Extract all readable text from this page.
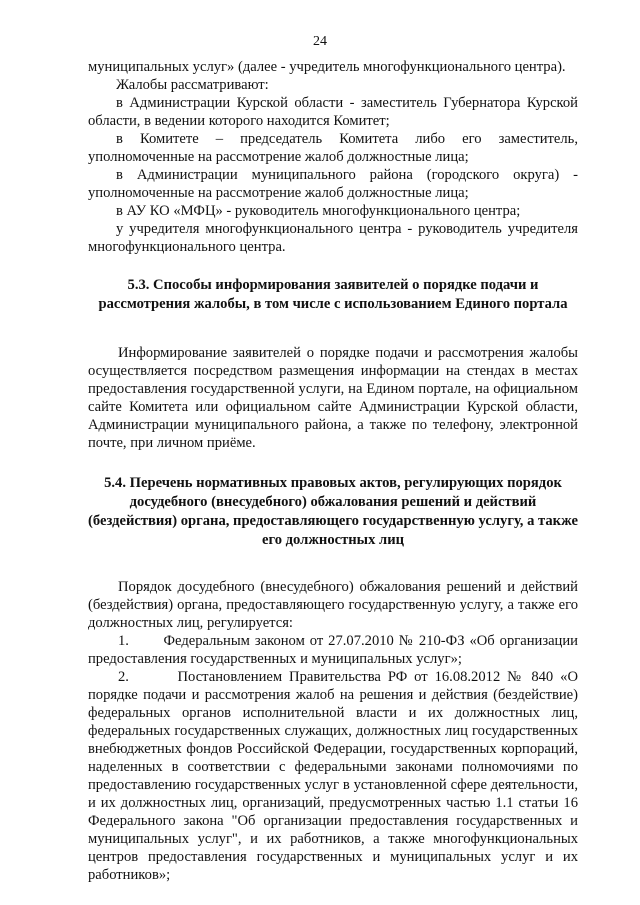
24

муниципальных услуг» (далее - учредитель многофункционального центра).

Жалобы рассматривают:

в Администрации Курской области - заместитель Губернатора Курской области, в ведении которого находится Комитет;

в Комитете – председатель Комитета либо его заместитель, уполномоченные на рассмотрение жалоб должностные лица;

в Администрации муниципального района (городского округа) - уполномоченные на рассмотрение жалоб должностные лица;

в АУ КО «МФЦ» - руководитель многофункционального центра;

у учредителя многофункционального центра - руководитель учредителя многофункционального центра.

5.3. Способы информирования заявителей о порядке подачи и рассмотрения жалобы, в том числе с использованием Единого портала

Информирование заявителей о порядке подачи и рассмотрения жалобы осуществляется посредством размещения информации на стендах в местах предоставления государственной услуги, на Едином портале, на официальном сайте Комитета или официальном сайте Администрации Курской области, Администрации муниципального района, а также по телефону, электронной почте, при личном приёме.

5.4. Перечень нормативных правовых актов, регулирующих порядок досудебного (внесудебного) обжалования решений и действий (бездействия) органа, предоставляющего государственную услугу, а также его должностных лиц

Порядок досудебного (внесудебного) обжалования решений и действий (бездействия) органа, предоставляющего государственную услугу, а также его должностных лиц, регулируется:

1.       Федеральным законом от 27.07.2010 № 210-ФЗ «Об организации предоставления государственных и муниципальных услуг»;

2.       Постановлением Правительства РФ от 16.08.2012 № 840 «О порядке подачи и рассмотрения жалоб на решения и действия (бездействие) федеральных органов исполнительной власти и их должностных лиц, федеральных государственных служащих, должностных лиц государственных внебюджетных фондов Российской Федерации, государственных корпораций, наделенных в соответствии с федеральными законами полномочиями по предоставлению государственных услуг в установленной сфере деятельности, и их должностных лиц, организаций, предусмотренных частью 1.1 статьи 16 Федерального закона "Об организации предоставления государственных и муниципальных услуг", и их работников, а также многофункциональных центров предоставления государственных и муниципальных услуг и их работников»;
